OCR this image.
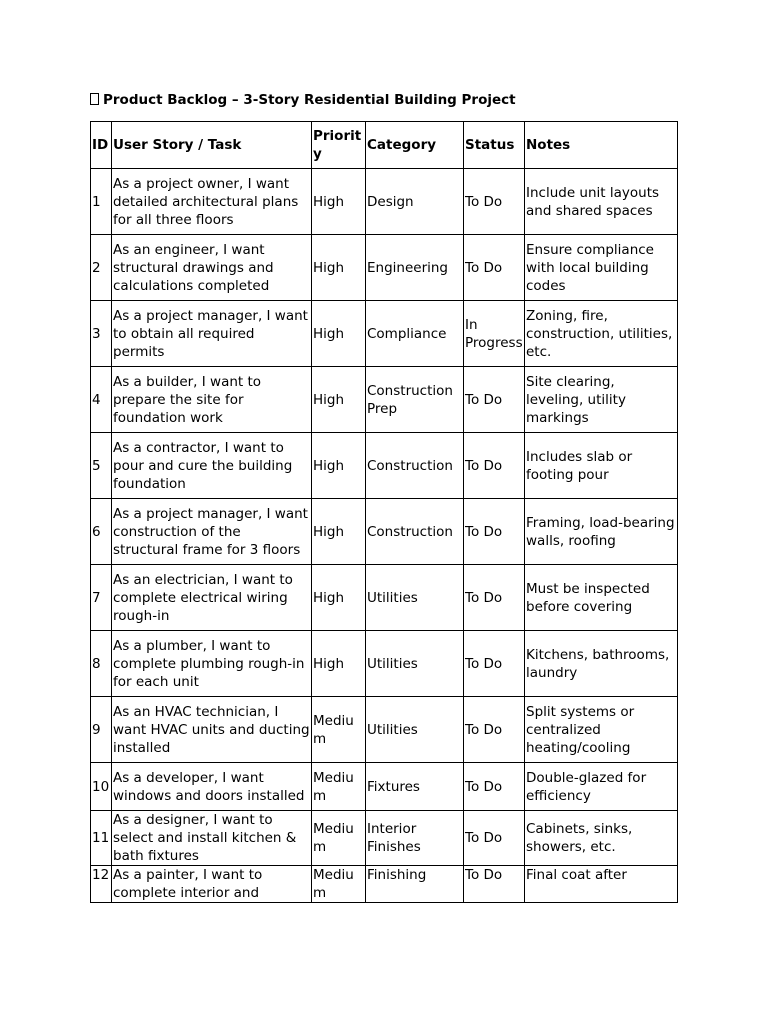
Product Backlog – 3-Story Residential Building Project
ID	User Story / Task	Priority	Category	Status	Notes
1	As a project owner, I want detailed architectural plans for all three floors	High	Design	To Do	Include unit layouts and shared spaces
2	As an engineer, I want structural drawings and calculations completed	High	Engineering	To Do	Ensure compliance with local building codes
3	As a project manager, I want to obtain all required permits	High	Compliance	In Progress	Zoning, fire, construction, utilities, etc.
4	As a builder, I want to prepare the site for foundation work	High	Construction Prep	To Do	Site clearing, leveling, utility markings
5	As a contractor, I want to pour and cure the building foundation	High	Construction	To Do	Includes slab or footing pour
6	As a project manager, I want construction of the structural frame for 3 floors	High	Construction	To Do	Framing, load-bearing walls, roofing
7	As an electrician, I want to complete electrical wiring rough-in	High	Utilities	To Do	Must be inspected before covering
8	As a plumber, I want to complete plumbing rough-in for each unit	High	Utilities	To Do	Kitchens, bathrooms, laundry
9	As an HVAC technician, I want HVAC units and ducting installed	Medium	Utilities	To Do	Split systems or centralized heating/cooling
10	As a developer, I want windows and doors installed	Medium	Fixtures	To Do	Double-glazed for efficiency
11	As a designer, I want to select and install kitchen & bath fixtures	Medium	Interior Finishes	To Do	Cabinets, sinks, showers, etc.
12	As a painter, I want to complete interior and	Medium	Finishing	To Do	Final coat after
